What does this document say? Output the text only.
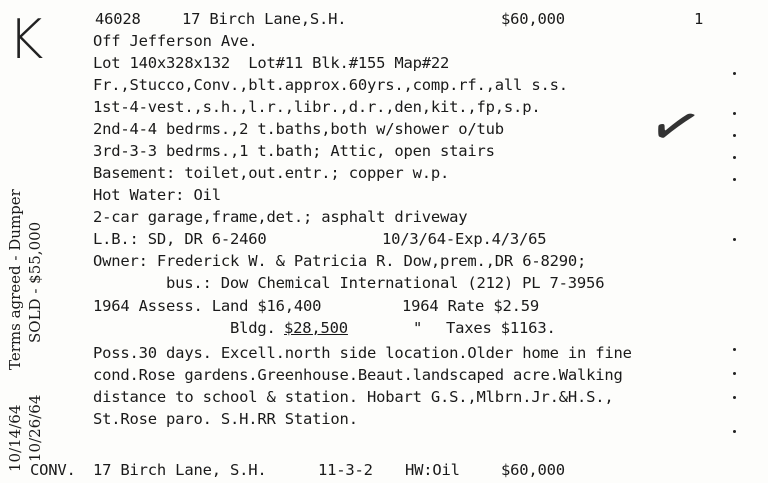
K	46028	17 Birch Lane,S.H.	$60,000	1
Off Jefferson Ave.
Lot 140x328x132  Lot#11 Blk.#155 Map#22
Fr.,Stucco,Conv.,blt.approx.60yrs.,comp.rf.,all s.s.
1st-4-vest.,s.h.,l.r.,libr.,d.r.,den,kit.,fp,s.p.
2nd-4-4 bedrms.,2 t.baths,both w/shower o/tub
3rd-3-3 bedrms.,1 t.bath; Attic, open stairs
Basement: toilet,out.entr.; copper w.p.
Hot Water: Oil
2-car garage,frame,det.; asphalt driveway
L.B.: SD, DR 6-2460	10/3/64-Exp.4/3/65
Owner: Frederick W. & Patricia R. Dow,prem.,DR 6-8290;
bus.: Dow Chemical International (212) PL 7-3956
1964 Assess. Land $16,400	1964 Rate $2.59
Bldg. $28,500	" Taxes $1163.
Poss.30 days. Excell.north side location.Older home in fine
cond.Rose gardens.Greenhouse.Beaut.landscaped acre.Walking
distance to school & station. Hobart G.S.,Mlbrn.Jr.&H.S.,
St.Rose paro. S.H.RR Station.
CONV. 17 Birch Lane, S.H.	11-3-2 HW:Oil	$60,000
10/14/64 10/26/64
Terms agreed - Dumper SOLD - $55,000
✓
